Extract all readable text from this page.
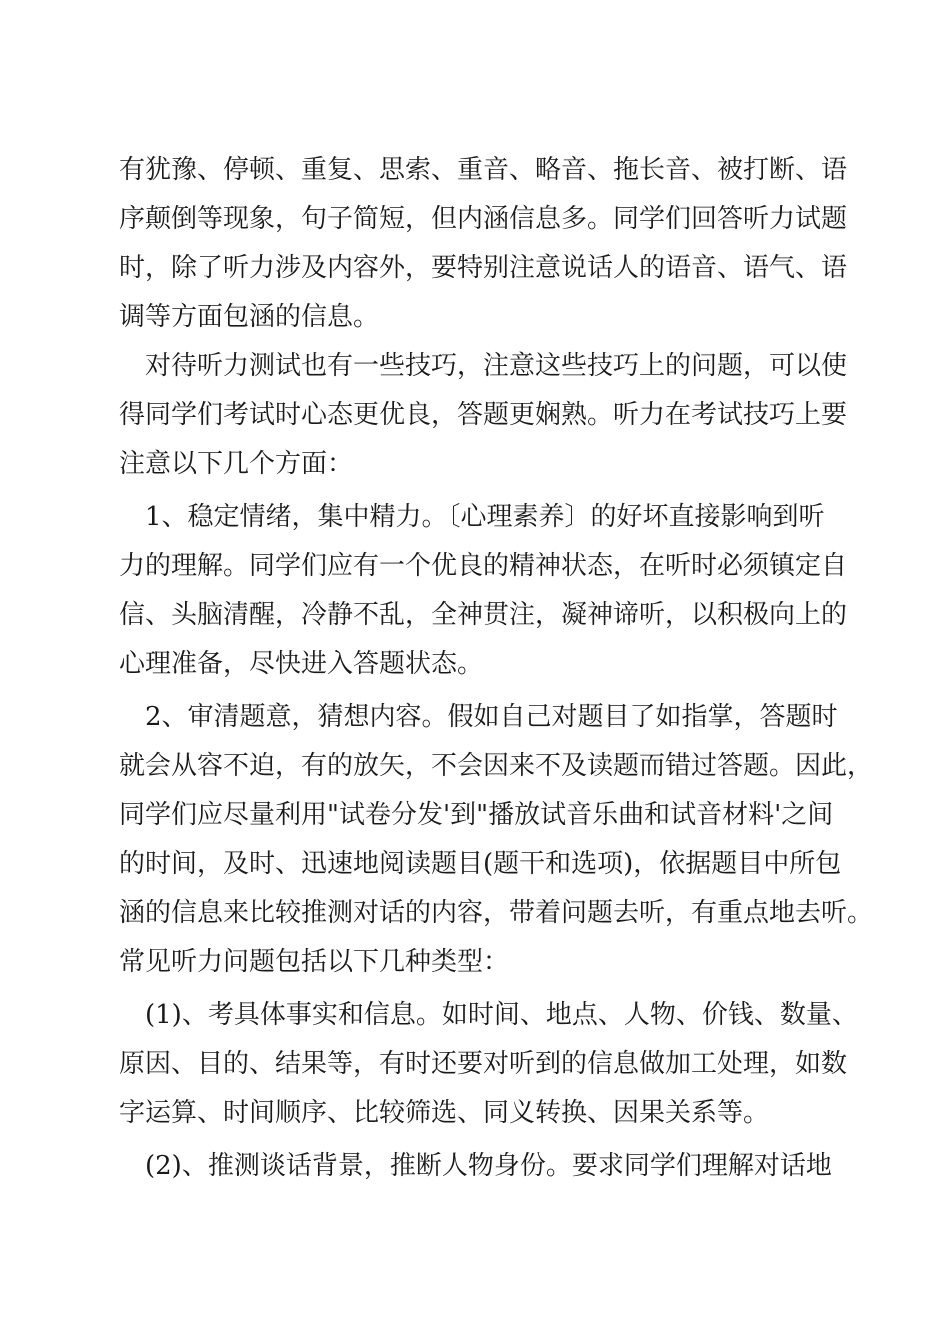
有犹豫、停顿、重复、思索、重音、略音、拖长音、被打断、语
序颠倒等现象，句子简短，但内涵信息多。同学们回答听力试题
时，除了听力涉及内容外，要特别注意说话人的语音、语气、语
调等方面包涵的信息。
对待听力测试也有一些技巧，注意这些技巧上的问题，可以使
得同学们考试时心态更优良，答题更娴熟。听力在考试技巧上要
注意以下几个方面：
1、稳定情绪，集中精力。〔心理素养〕的好坏直接影响到听
力的理解。同学们应有一个优良的精神状态，在听时必须镇定自
信、头脑清醒，冷静不乱，全神贯注，凝神谛听，以积极向上的
心理准备，尽快进入答题状态。
2、审清题意，猜想内容。假如自己对题目了如指掌，答题时
就会从容不迫，有的放矢，不会因来不及读题而错过答题。因此，
同学们应尽量利用"试卷分发'到"播放试音乐曲和试音材料'之间
的时间，及时、迅速地阅读题目(题干和选项)，依据题目中所包
涵的信息来比较推测对话的内容，带着问题去听，有重点地去听。
常见听力问题包括以下几种类型：
(1)、考具体事实和信息。如时间、地点、人物、价钱、数量、
原因、目的、结果等，有时还要对听到的信息做加工处理，如数
字运算、时间顺序、比较筛选、同义转换、因果关系等。
(2)、推测谈话背景，推断人物身份。要求同学们理解对话地
